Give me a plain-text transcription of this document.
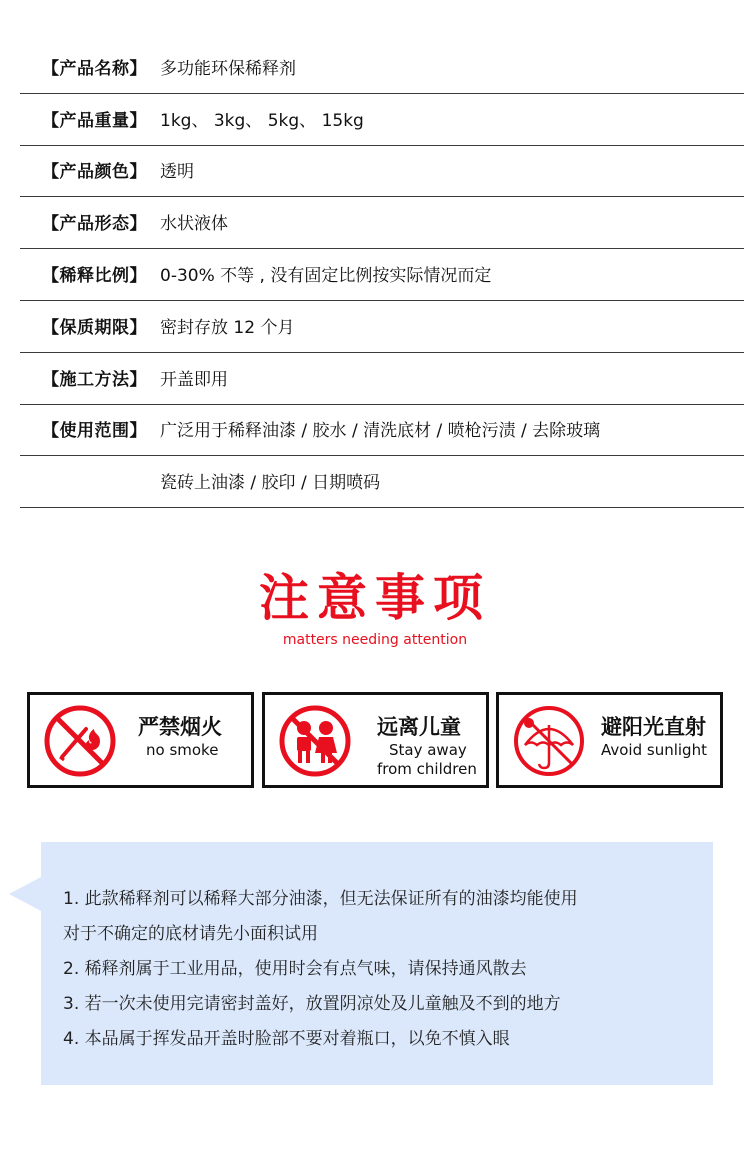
【产品名称】 多功能环保稀释剂
【产品重量】 1kg、 3kg、 5kg、 15kg
【产品颜色】 透明
【产品形态】 水状液体
【稀释比例】 0-30% 不等 , 没有固定比例按实际情况而定
【保质期限】 密封存放 12 个月
【施工方法】 开盖即用
【使用范围】 广泛用于稀释油漆 / 胶水 / 清洗底材 / 喷枪污渍 / 去除玻璃
瓷砖上油漆 / 胶印 / 日期喷码
注意事项
matters needing attention
严禁烟火
no smoke
远离儿童
Stay away
from children
避阳光直射
Avoid sunlight
1. 此款稀释剂可以稀释大部分油漆，但无法保证所有的油漆均能使用
对于不确定的底材请先小面积试用
2. 稀释剂属于工业用品，使用时会有点气味，请保持通风散去
3. 若一次未使用完请密封盖好，放置阴凉处及儿童触及不到的地方
4. 本品属于挥发品开盖时脸部不要对着瓶口，以免不慎入眼
